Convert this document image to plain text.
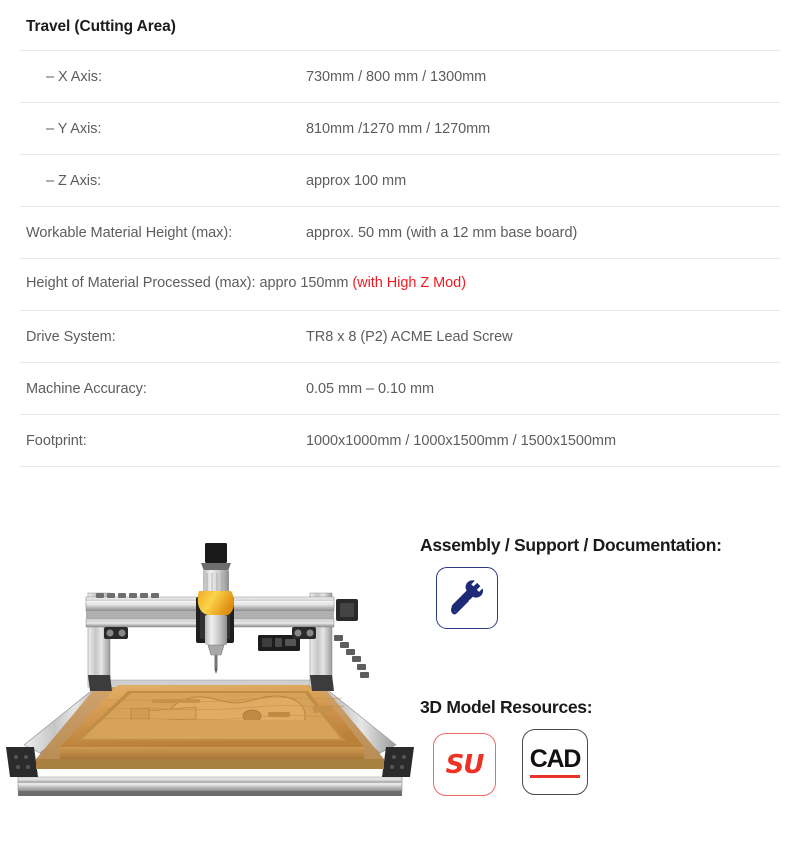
Travel (Cutting Area)
– X Axis:	730mm / 800 mm / 1300mm
– Y Axis:	810mm /1270 mm / 1270mm
– Z Axis:	approx 100 mm
Workable Material Height (max):	approx. 50 mm (with a 12 mm base board)
Height of Material Processed (max): appro 150mm (with High Z Mod)
Drive System:	TR8 x 8 (P2) ACME Lead Screw
Machine Accuracy:	0.05 mm – 0.10 mm
Footprint:	1000x1000mm / 1000x1500mm / 1500x1500mm
Assembly / Support / Documentation:
3D Model Resources:
SU CAD
